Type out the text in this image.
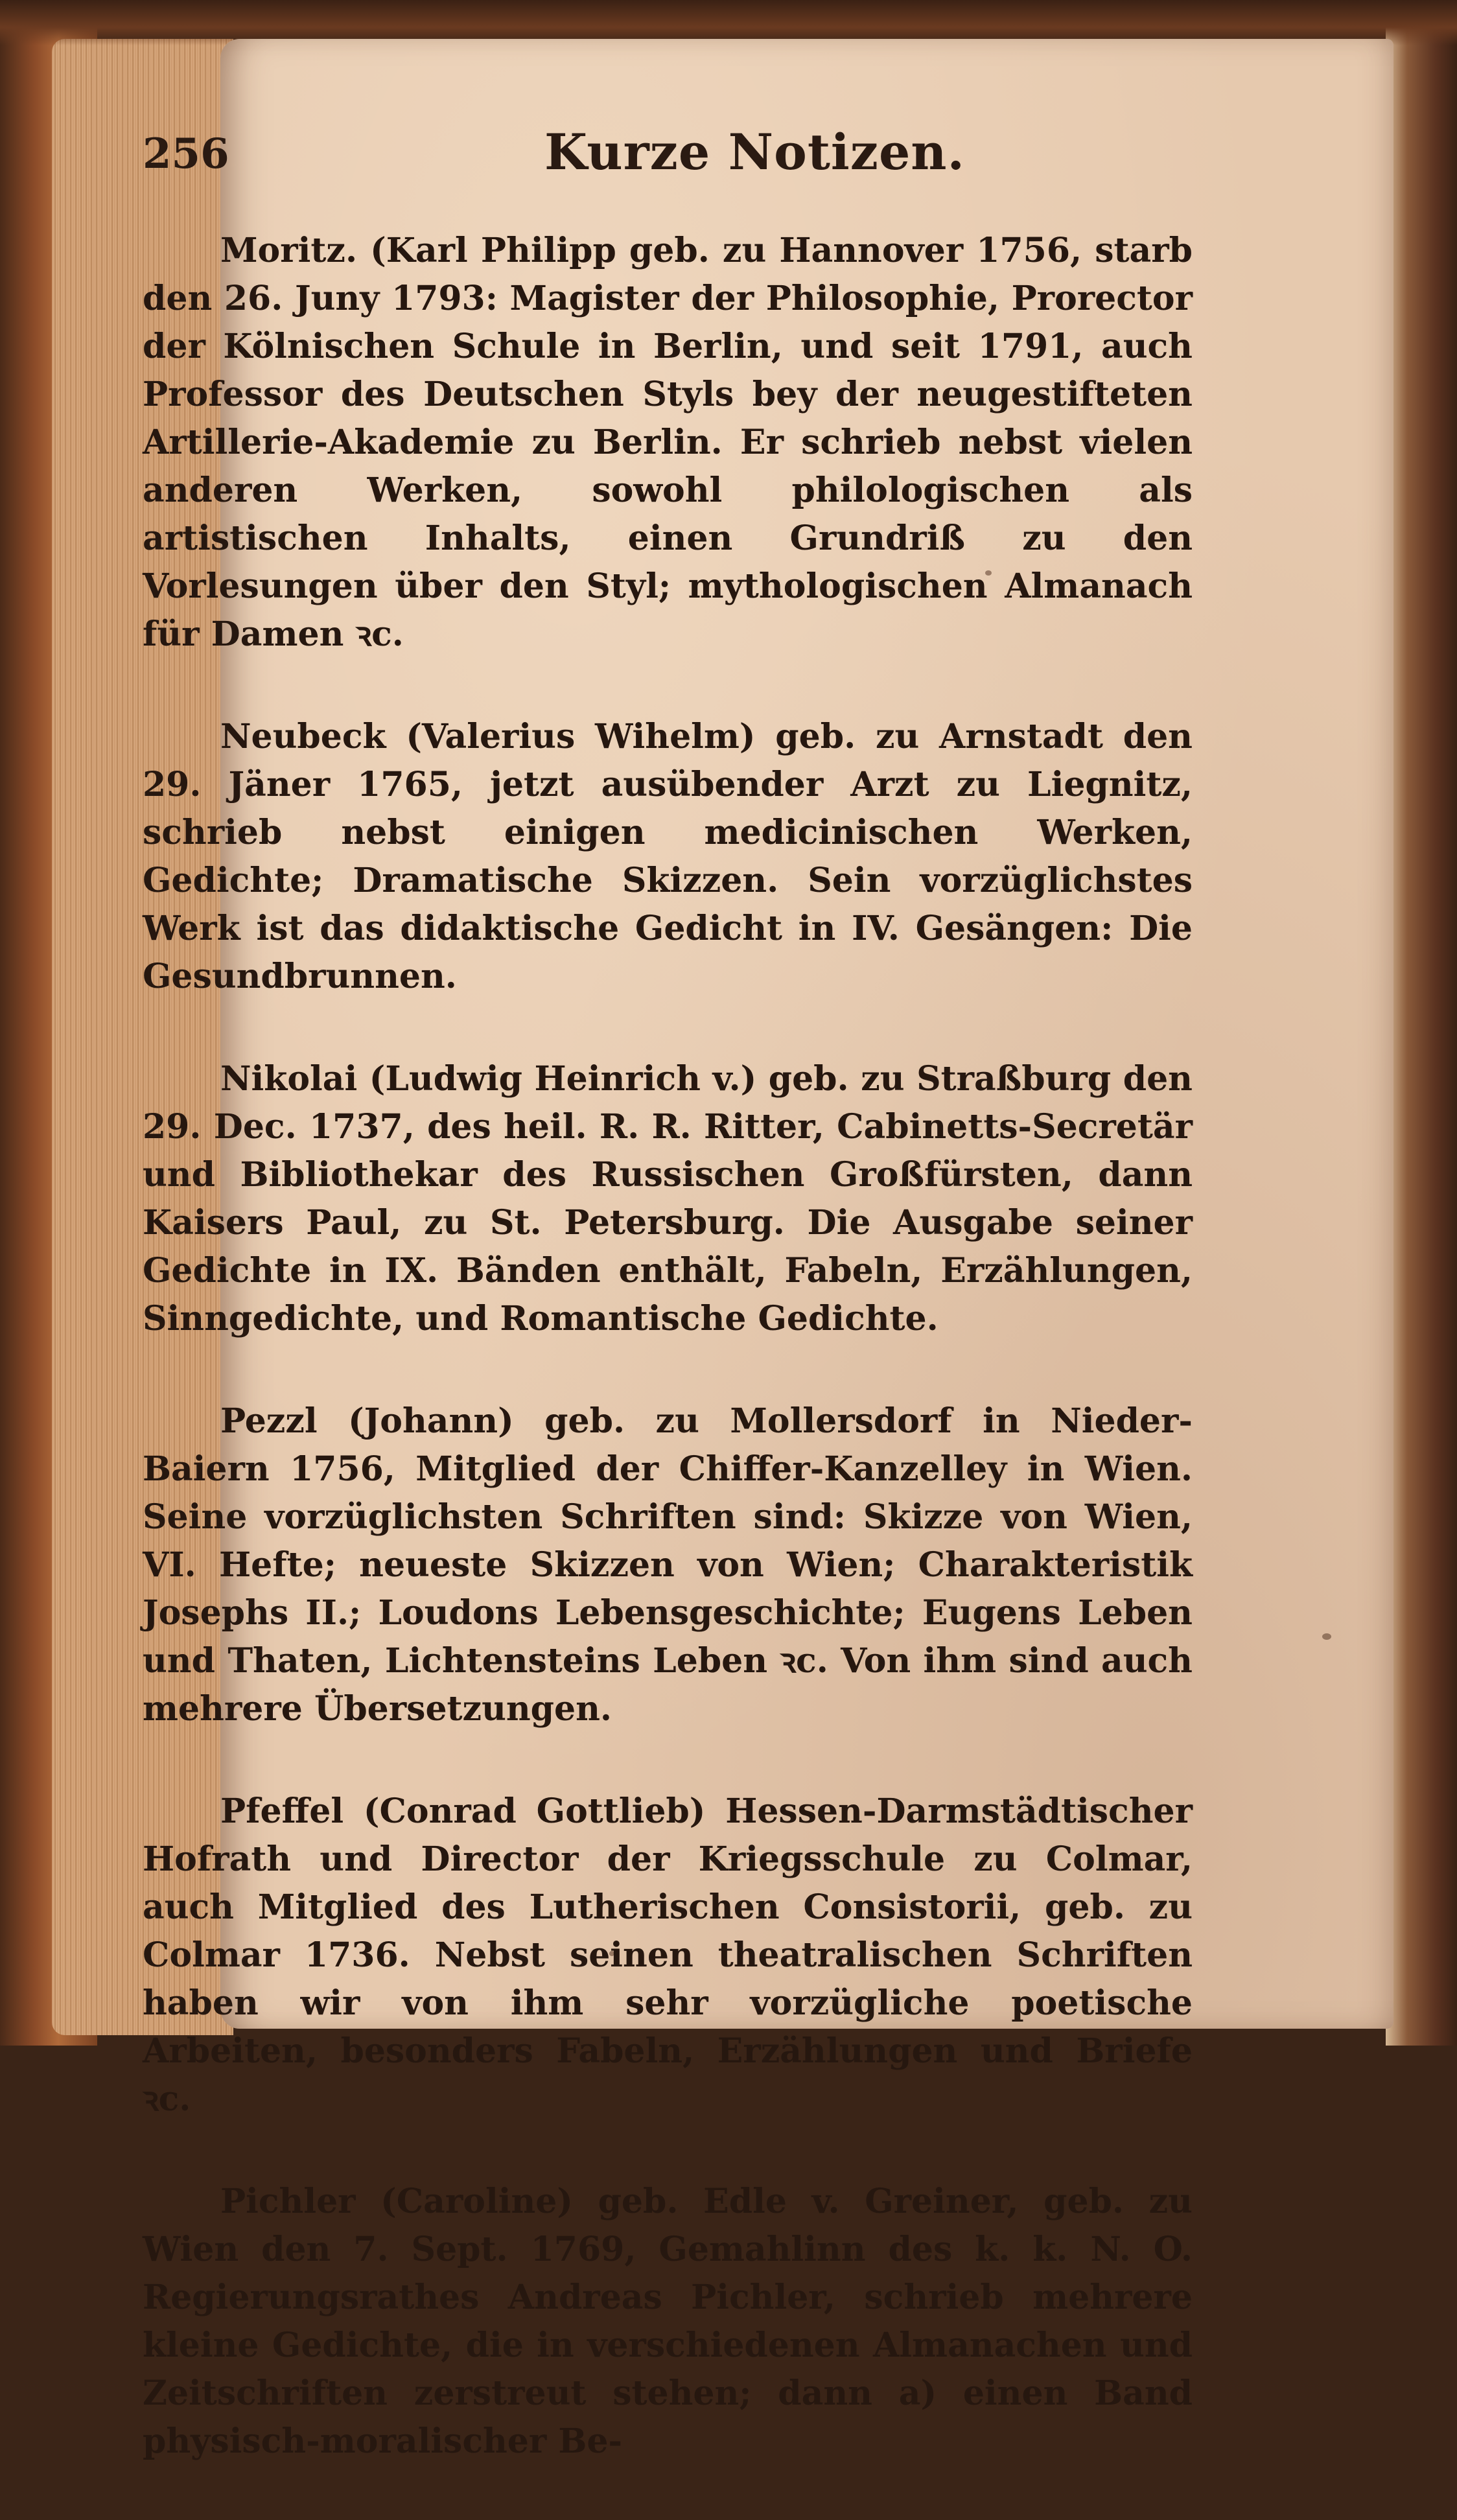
256	Kurze Notizen.

Moritz. (Karl Philipp geb. zu Hannover 1756, starb den 26. Juny 1793: Magister der Philosophie, Prorector der Kölnischen Schule in Berlin, und seit 1791, auch Professor des Deutschen Styls bey der neugestifteten Artillerie-Akademie zu Berlin. Er schrieb nebst vielen anderen Werken, sowohl philologischen als artistischen Inhalts, einen Grundriß zu den Vorlesungen über den Styl; mythologischen Almanach für Damen ꝛc.

Neubeck (Valerius Wihelm) geb. zu Arnstadt den 29. Jäner 1765, jetzt ausübender Arzt zu Liegnitz, schrieb nebst einigen medicinischen Werken, Gedichte; Dramatische Skizzen. Sein vorzüglichstes Werk ist das didaktische Gedicht in IV. Gesängen: Die Gesundbrunnen.

Nikolai (Ludwig Heinrich v.) geb. zu Straßburg den 29. Dec. 1737, des heil. R. R. Ritter, Cabinetts-Secretär und Bibliothekar des Russischen Großfürsten, dann Kaisers Paul, zu St. Petersburg. Die Ausgabe seiner Gedichte in IX. Bänden enthält, Fabeln, Erzählungen, Sinngedichte, und Romantische Gedichte.

Pezzl (Johann) geb. zu Mollersdorf in Nieder-Baiern 1756, Mitglied der Chiffer-Kanzelley in Wien. Seine vorzüglichsten Schriften sind: Skizze von Wien, VI. Hefte; neueste Skizzen von Wien; Charakteristik Josephs II.; Loudons Lebensgeschichte; Eugens Leben und Thaten, Lichtensteins Leben ꝛc. Von ihm sind auch mehrere Übersetzungen.

Pfeffel (Conrad Gottlieb) Hessen-Darmstädtischer Hofrath und Director der Kriegsschule zu Colmar, auch Mitglied des Lutherischen Consistorii, geb. zu Colmar 1736. Nebst seinen theatralischen Schriften haben wir von ihm sehr vorzügliche poetische Arbeiten, besonders Fabeln, Erzählungen und Briefe ꝛc.

Pichler (Caroline) geb. Edle v. Greiner, geb. zu Wien den 7. Sept. 1769, Gemahlinn des k. k. N. O. Regierungsrathes Andreas Pichler, schrieb mehrere kleine Gedichte, die in verschiedenen Almanachen und Zeitschriften zerstreut stehen; dann a) einen Band physisch-moralischer Be-
